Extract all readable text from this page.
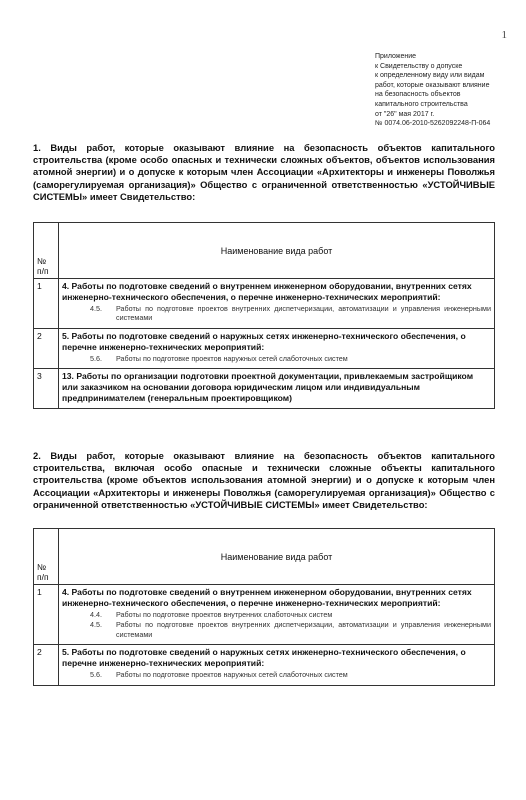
1
Приложение
к Свидетельству о допуске
к определенному виду или видам
работ, которые оказывают влияние
на безопасность объектов
капитального строительства
от "26" мая 2017 г.
№ 0074.06-2010-5262092248-П-064
1. Виды работ, которые оказывают влияние на безопасность объектов капитального строительства (кроме особо опасных и технически сложных объектов, объектов использования атомной энергии) и о допуске к которым член Ассоциации «Архитекторы и инженеры Поволжья (саморегулируемая организация)» Общество с ограниченной ответственностью «УСТОЙЧИВЫЕ СИСТЕМЫ» имеет Свидетельство:
№ п/п	Наименование вида работ
1	4. Работы по подготовке сведений о внутреннем инженерном оборудовании, внутренних сетях инженерно-технического обеспечения, о перечне инженерно-технических мероприятий:
4.5. Работы по подготовке проектов внутренних диспетчеризации, автоматизации и управления инженерными системами

2	5. Работы по подготовке сведений о наружных сетях инженерно-технического обеспечения, о перечне инженерно-технических мероприятий:
5.6. Работы по подготовке проектов наружных сетей слаботочных систем

3	13. Работы по организации подготовки проектной документации, привлекаемым застройщиком или заказчиком на основании договора юридическим лицом или индивидуальным предпринимателем (генеральным проектировщиком)
2. Виды работ, которые оказывают влияние на безопасность объектов капитального строительства, включая особо опасные и технически сложные объекты капитального строительства (кроме объектов использования атомной энергии) и о допуске к которым член Ассоциации «Архитекторы и инженеры Поволжья (саморегулируемая организация)» Общество с ограниченной ответственностью «УСТОЙЧИВЫЕ СИСТЕМЫ» имеет Свидетельство:
№ п/п	Наименование вида работ
1	4. Работы по подготовке сведений о внутреннем инженерном оборудовании, внутренних сетях инженерно-технического обеспечения, о перечне инженерно-технических мероприятий:
4.4. Работы по подготовке проектов внутренних слаботочных систем
4.5. Работы по подготовке проектов внутренних диспетчеризации, автоматизации и управления инженерными системами

2	5. Работы по подготовке сведений о наружных сетях инженерно-технического обеспечения, о перечне инженерно-технических мероприятий:
5.6. Работы по подготовке проектов наружных сетей слаботочных систем
